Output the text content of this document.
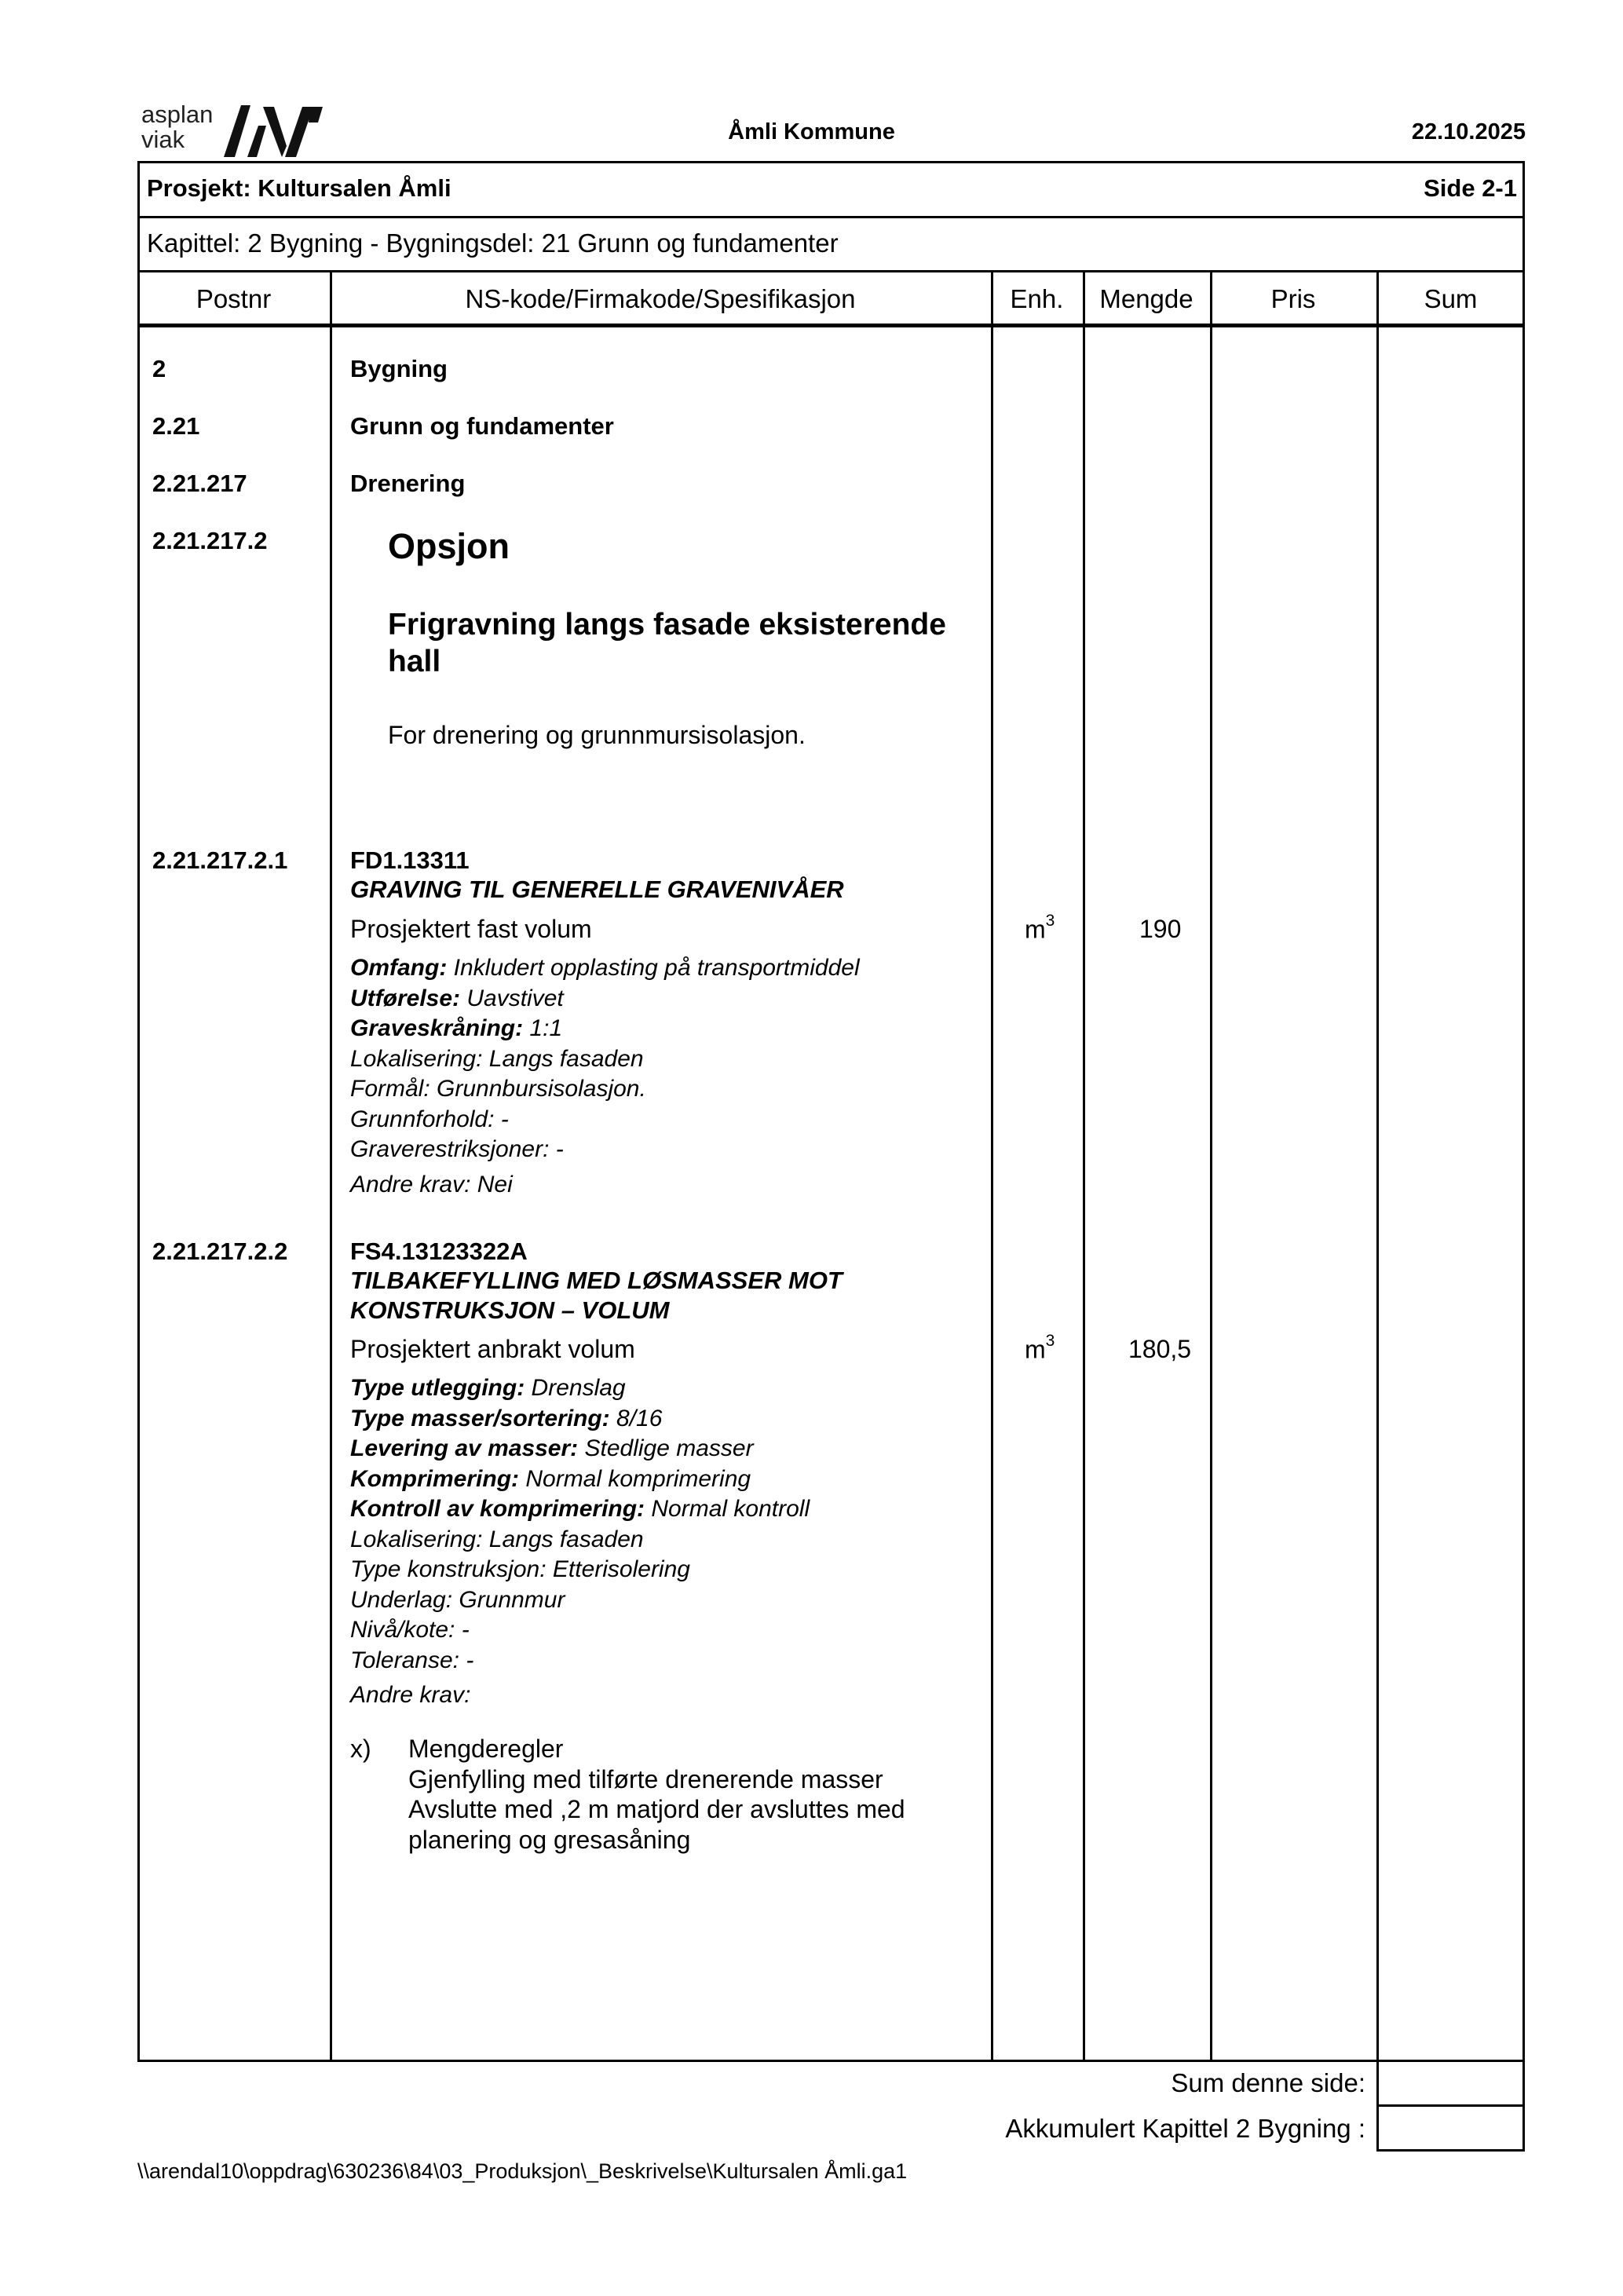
asplan
viak	Åmli Kommune	22.10.2025
Prosjekt: Kultursalen Åmli	Side 2-1
Kapittel: 2 Bygning - Bygningsdel: 21 Grunn og fundamenter
Postnr	NS-kode/Firmakode/Spesifikasjon	Enh.	Mengde	Pris	Sum
2	Bygning
2.21	Grunn og fundamenter
2.21.217	Drenering
2.21.217.2	Opsjon
Frigravning langs fasade eksisterende
hall
For drenering og grunnmursisolasjon.
2.21.217.2.1	FD1.13311
GRAVING TIL GENERELLE GRAVENIVÅER
Prosjektert fast volum	$m^3$	190
Omfang: Inkludert opplasting på transportmiddel
Utførelse: Uavstivet
Graveskråning: 1:1
Lokalisering: Langs fasaden
Formål: Grunnbursisolasjon.
Grunnforhold: -
Graverestriksjoner: -
Andre krav: Nei
2.21.217.2.2	FS4.13123322A
TILBAKEFYLLING MED LØSMASSER MOT
KONSTRUKSJON – VOLUM
Prosjektert anbrakt volum	$m^3$	180,5
Type utlegging: Drenslag
Type masser/sortering: 8/16
Levering av masser: Stedlige masser
Komprimering: Normal komprimering
Kontroll av komprimering: Normal kontroll
Lokalisering: Langs fasaden
Type konstruksjon: Etterisolering
Underlag: Grunnmur
Nivå/kote: -
Toleranse: -
Andre krav:
x) Mengderegler
Gjenfylling med tilførte drenerende masser
Avslutte med ,2 m matjord der avsluttes med
planering og gresasåning
Sum denne side:
Akkumulert Kapittel 2 Bygning :
\\arendal10\oppdrag\630236\84\03_Produksjon\_Beskrivelse\Kultursalen Åmli.ga1
